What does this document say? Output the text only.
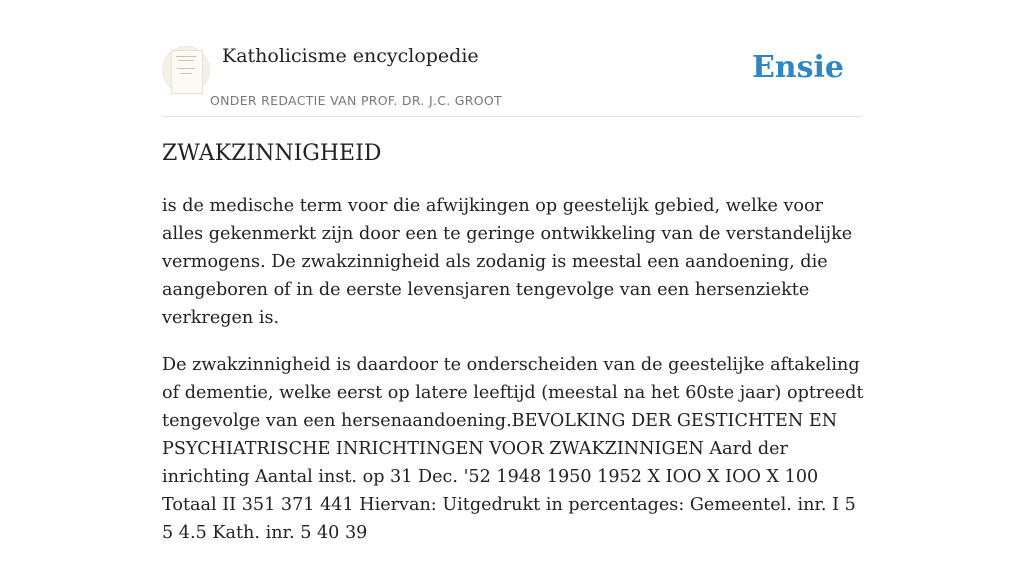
Katholicisme encyclopedie
ONDER REDACTIE VAN PROF. DR. J.C. GROOT
Ensie
ZWAKZINNIGHEID

is de medische term voor die afwijkingen op geestelijk gebied, welke voor alles gekenmerkt zijn door een te geringe ontwikkeling van de verstandelijke vermogens. De zwakzinnigheid als zodanig is meestal een aandoening, die aangeboren of in de eerste levensjaren tengevolge van een hersenziekte verkregen is.

De zwakzinnigheid is daardoor te onderscheiden van de geestelijke aftakeling of dementie, welke eerst op latere leeftijd (meestal na het 60ste jaar) optreedt tengevolge van een hersenaandoening.BEVOLKING DER GESTICHTEN EN PSYCHIATRISCHE INRICHTINGEN VOOR ZWAKZINNIGEN Aard der inrichting Aantal inst. op 31 Dec. '52 1948 1950 1952 X IOO X IOO X 100 Totaal II 351 371 441 Hiervan: Uitgedrukt in percentages: Gemeentel. inr. I 5 5 4.5 Kath. inr. 5 40 39
